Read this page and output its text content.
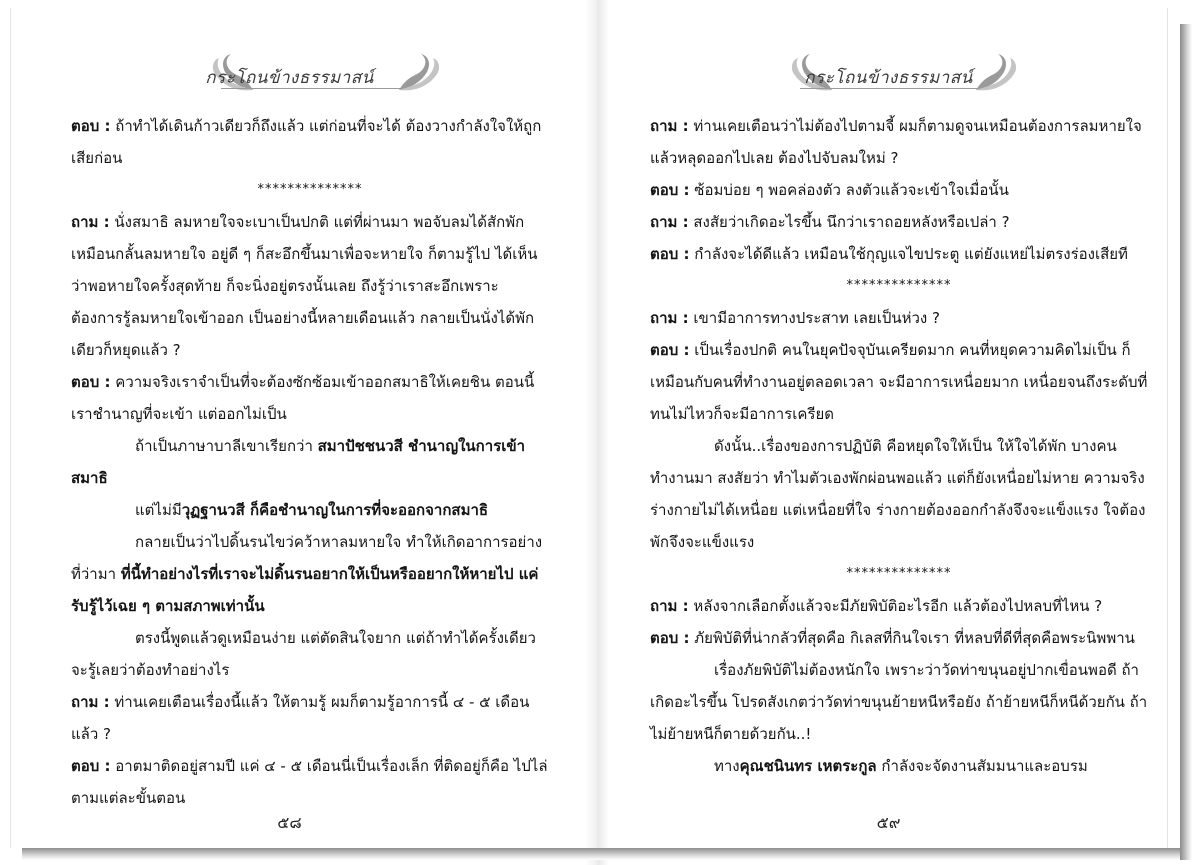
กระโถนข้างธรรมาสน์

ตอบ : ถ้าทำได้เดินก้าวเดียวก็ถึงแล้ว แต่ก่อนที่จะได้ ต้องวางกำลังใจให้ถูกเสียก่อน

**************

ถาม : นั่งสมาธิ ลมหายใจจะเบาเป็นปกติ แต่ที่ผ่านมา พอจับลมได้สักพัก เหมือนกลั้นลมหายใจ อยู่ดี ๆ ก็สะอึกขึ้นมาเพื่อจะหายใจ ก็ตามรู้ไป ได้เห็นว่าพอหายใจครั้งสุดท้าย ก็จะนิ่งอยู่ตรงนั้นเลย ถึงรู้ว่าเราสะอึกเพราะต้องการรู้ลมหายใจเข้าออก เป็นอย่างนี้หลายเดือนแล้ว กลายเป็นนั่งได้พักเดียวก็หยุดแล้ว ?

ตอบ : ความจริงเราจำเป็นที่จะต้องซักซ้อมเข้าออกสมาธิให้เคยชิน ตอนนี้เราชำนาญที่จะเข้า แต่ออกไม่เป็น

ถ้าเป็นภาษาบาลีเขาเรียกว่า สมาปัชชนวสี ชำนาญในการเข้าสมาธิ

แต่ไม่มีวุฏฐานวสี ก็คือชำนาญในการที่จะออกจากสมาธิ

กลายเป็นว่าไปดิ้นรนไขว่คว้าหาลมหายใจ ทำให้เกิดอาการอย่างที่ว่ามา ที่นี้ทำอย่างไรที่เราจะไม่ดิ้นรนอยากให้เป็นหรืออยากให้หายไป แค่รับรู้ไว้เฉย ๆ ตามสภาพเท่านั้น

ตรงนี้พูดแล้วดูเหมือนง่าย แต่ตัดสินใจยาก แต่ถ้าทำได้ครั้งเดียวจะรู้เลยว่าต้องทำอย่างไร

ถาม : ท่านเคยเตือนเรื่องนี้แล้ว ให้ตามรู้ ผมก็ตามรู้อาการนี้ ๔ - ๕ เดือนแล้ว ?

ตอบ : อาตมาติดอยู่สามปี แค่ ๔ - ๕ เดือนนี่เป็นเรื่องเล็ก ที่ติดอยู่ก็คือ ไปไล่ตามแต่ละขั้นตอน

๕๘
กระโถนข้างธรรมาสน์

ถาม : ท่านเคยเตือนว่าไม่ต้องไปตามจี้ ผมก็ตามดูจนเหมือนต้องการลมหายใจ แล้วหลุดออกไปเลย ต้องไปจับลมใหม่ ?

ตอบ : ซ้อมบ่อย ๆ พอคล่องตัว ลงตัวแล้วจะเข้าใจเมื่อนั้น

ถาม : สงสัยว่าเกิดอะไรขึ้น นึกว่าเราถอยหลังหรือเปล่า ?

ตอบ : กำลังจะได้ดีแล้ว เหมือนใช้กุญแจไขประตู แต่ยังแหย่ไม่ตรงร่องเสียที

**************

ถาม : เขามีอาการทางประสาท เลยเป็นห่วง ?

ตอบ : เป็นเรื่องปกติ คนในยุคปัจจุบันเครียดมาก คนที่หยุดความคิดไม่เป็น ก็เหมือนกับคนที่ทำงานอยู่ตลอดเวลา จะมีอาการเหนื่อยมาก เหนื่อยจนถึงระดับที่ทนไม่ไหวก็จะมีอาการเครียด

ดังนั้น..เรื่องของการปฏิบัติ คือหยุดใจให้เป็น ให้ใจได้พัก บางคนทำงานมา สงสัยว่า ทำไมตัวเองพักผ่อนพอแล้ว แต่ก็ยังเหนื่อยไม่หาย ความจริงร่างกายไม่ได้เหนื่อย แต่เหนื่อยที่ใจ ร่างกายต้องออกกำลังจึงจะแข็งแรง ใจต้องพักจึงจะแข็งแรง

**************

ถาม : หลังจากเลือกตั้งแล้วจะมีภัยพิบัติอะไรอีก แล้วต้องไปหลบที่ไหน ?

ตอบ : ภัยพิบัติที่น่ากลัวที่สุดคือ กิเลสที่กินใจเรา ที่หลบที่ดีที่สุดคือพระนิพพาน

เรื่องภัยพิบัติไม่ต้องหนักใจ เพราะว่าวัดท่าขนุนอยู่ปากเขื่อนพอดี ถ้าเกิดอะไรขึ้น โปรดสังเกตว่าวัดท่าขนุนย้ายหนีหรือยัง ถ้าย้ายหนีก็หนีด้วยกัน ถ้าไม่ย้ายหนีก็ตายด้วยกัน..!

ทางคุณชนินทร เหตระกูล กำลังจะจัดงานสัมมนาและอบรม

๕๙
